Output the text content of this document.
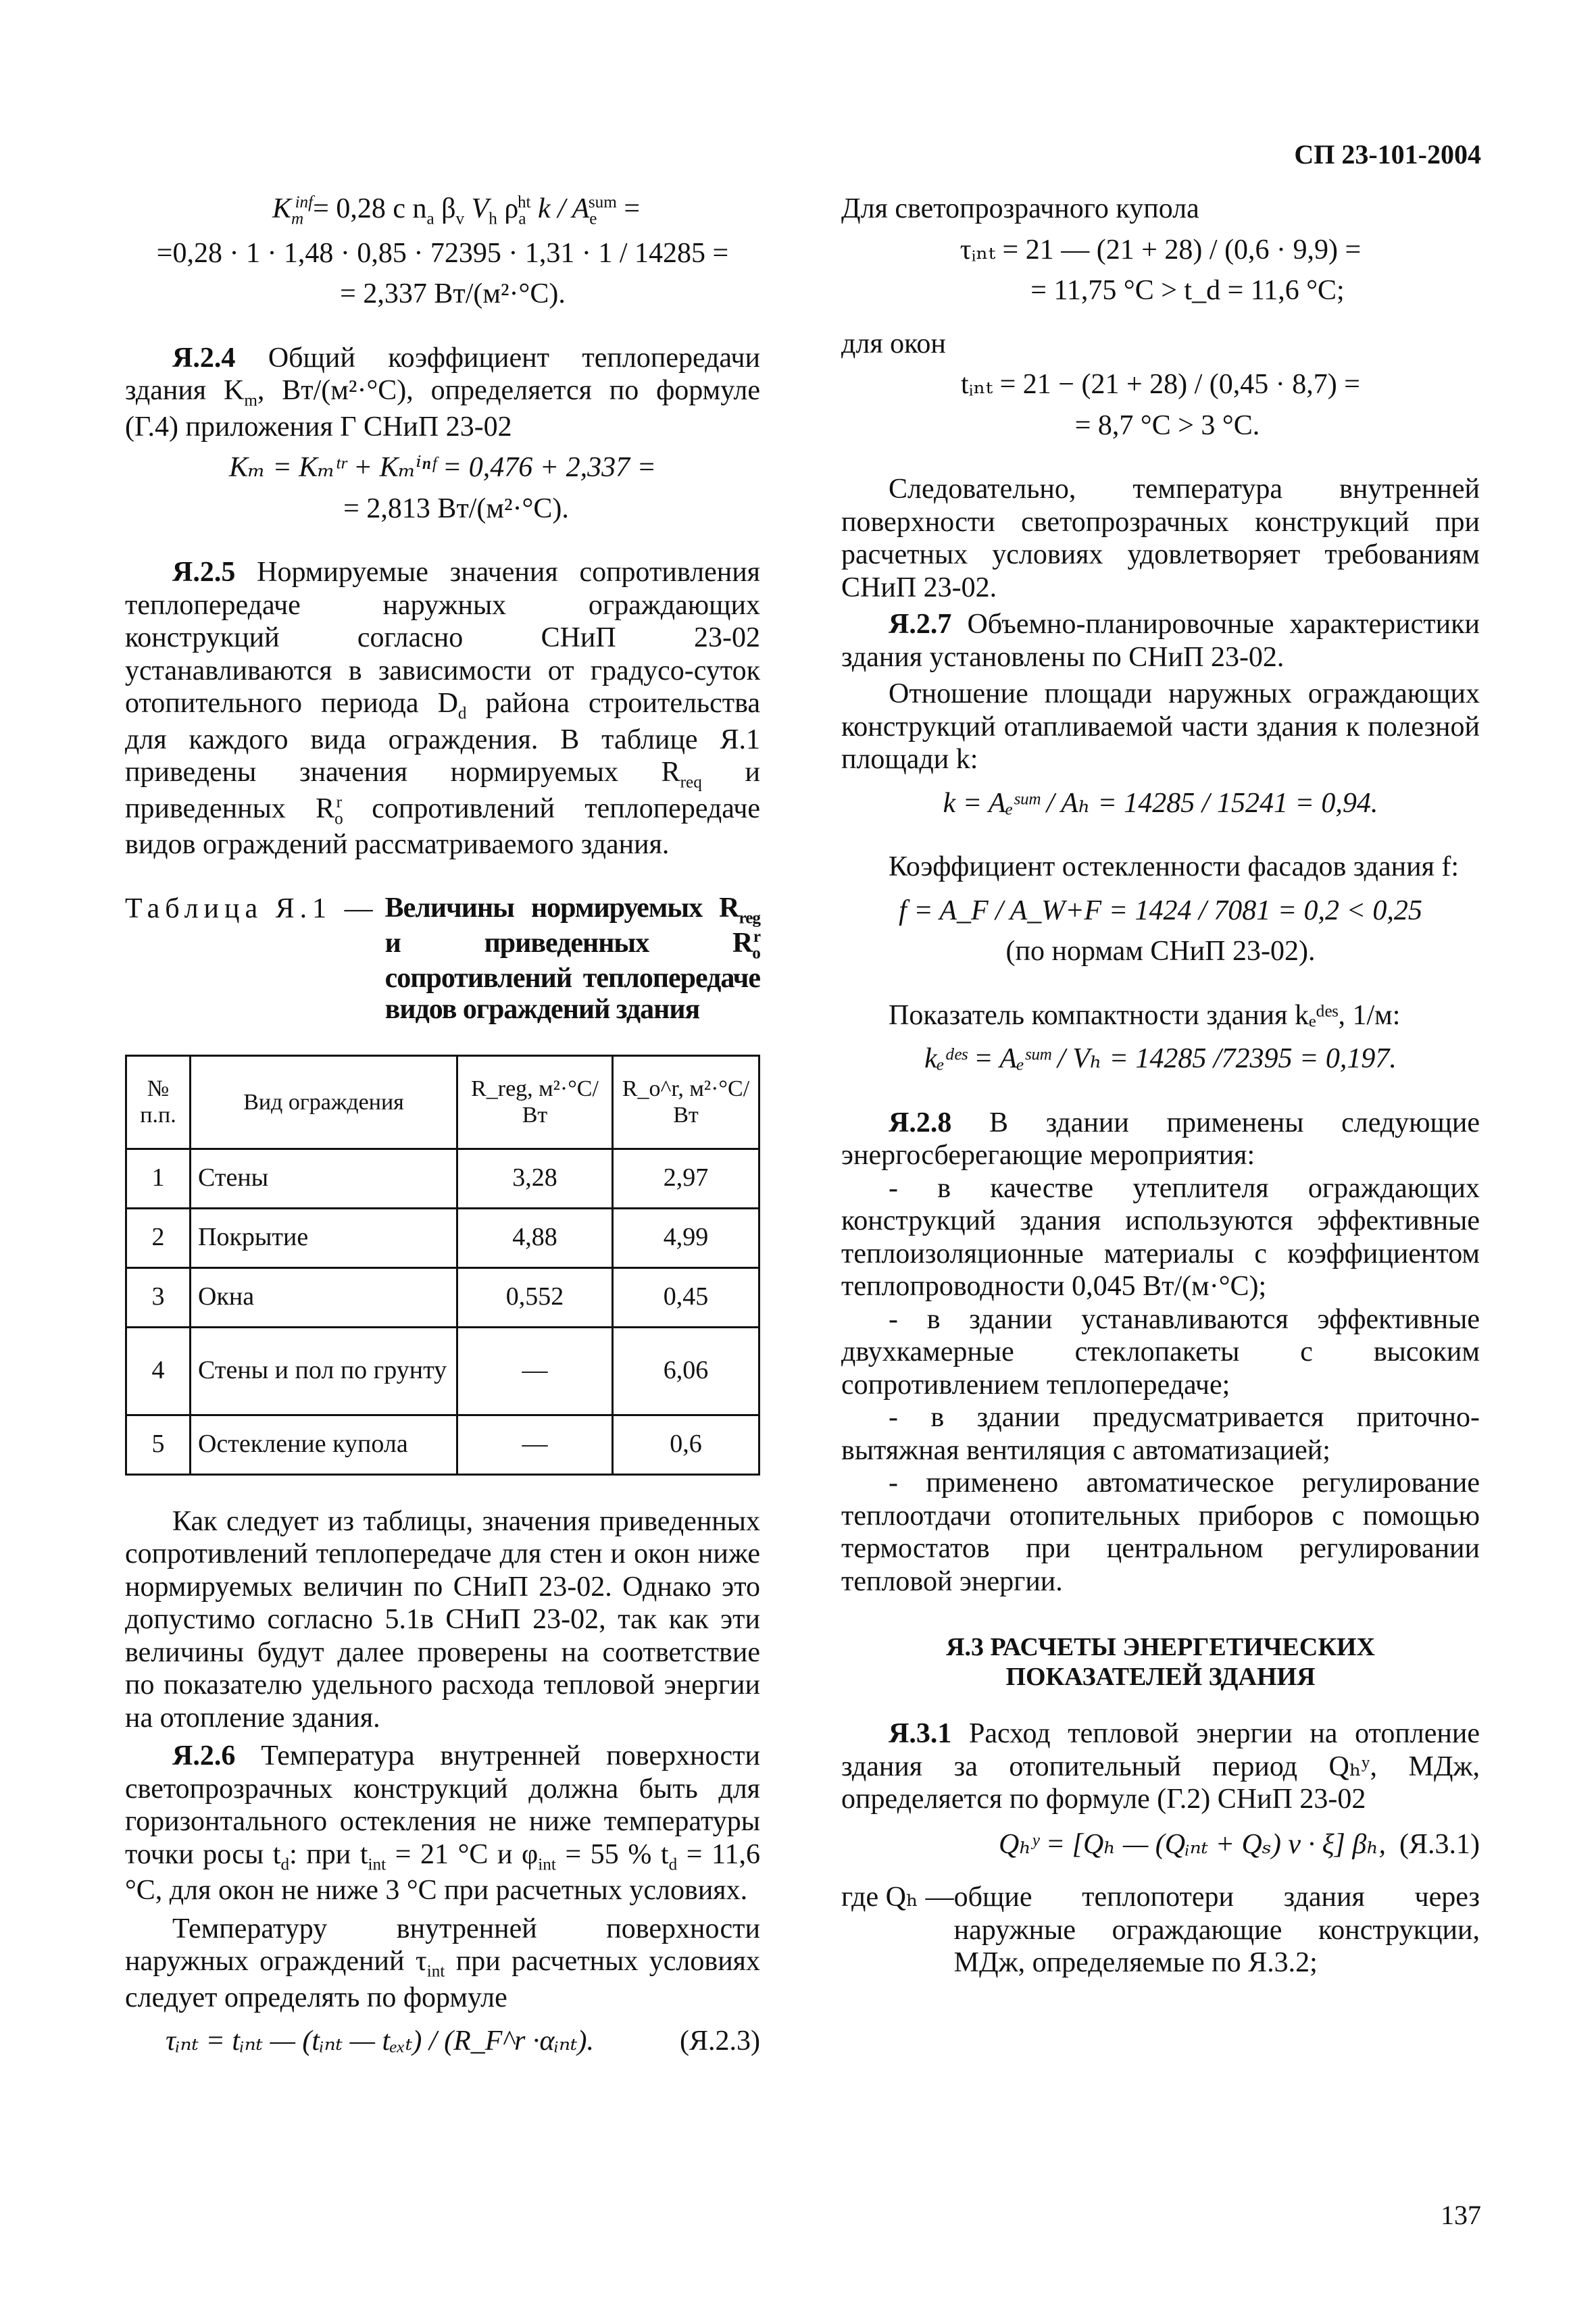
СП 23-101-2004

$K_m^{inf}= 0,28$ c $n_a$ $\beta_v$ $V_h$ $\rho_a^{ht}$ k / $A_e^{sum}$ =

=0,28 · 1 · 1,48 · 0,85 · 72395 · 1,31 · 1 / 14285 =

= 2,337 Вт/(м²·°С).

Я.2.4 Общий коэффициент теплопередачи здания $K_m$, Вт/(м²·°С), определяется по формуле (Г.4) приложения Г СНиП 23-02

Kₘ = Kₘᵗʳ + Kₘⁱⁿᶠ = 0,476 + 2,337 =

= 2,813 Вт/(м²·°С).

Я.2.5 Нормируемые значения сопротивления теплопередаче наружных ограждающих конструкций согласно СНиП 23-02 устанавливаются в зависимости от градусо-суток отопительного периода $D_d$ района строительства для каждого вида ограждения. В таблице Я.1 приведены значения нормируемых $R_{req}$ и приведенных $R_o^r$ сопротивлений теплопередаче видов ограждений рассматриваемого здания.

Таблица Я.1 — Величины нормируемых $R_{reg}$ и приведенных $R_o^r$ сопротивлений теплопередаче видов ограждений здания
№ п.п.	Вид ограждения	R_reg, м²·°С/Вт	R_o^r, м²·°С/Вт
1	Стены	3,28	2,97
2	Покрытие	4,88	4,99
3	Окна	0,552	0,45
4	Стены и пол по грунту	—	6,06
5	Остекление купола	—	0,6

Как следует из таблицы, значения приведенных сопротивлений теплопередаче для стен и окон ниже нормируемых величин по СНиП 23-02. Однако это допустимо согласно 5.1в СНиП 23-02, так как эти величины будут далее проверены на соответствие по показателю удельного расхода тепловой энергии на отопление здания.

Я.2.6 Температура внутренней поверхности светопрозрачных конструкций должна быть для горизонтального остекления не ниже температуры точки росы $t_d$: при $t_{int} = 21$ °С и $\varphi_{int} = 55$ % $t_d = 11,6$ °С, для окон не ниже 3 °С при расчетных условиях.

Температуру внутренней поверхности наружных ограждений $\tau_{int}$ при расчетных условиях следует определять по формуле

τᵢₙₜ = tᵢₙₜ — (tᵢₙₜ — tₑₓₜ) / (R_F^r ·αᵢₙₜ).	(Я.2.3)

Для светопрозрачного купола

τᵢₙₜ = 21 — (21 + 28) / (0,6 · 9,9) =

= 11,75 °С > t_d = 11,6 °С;

для окон

tᵢₙₜ = 21 − (21 + 28) / (0,45 · 8,7) =

= 8,7 °С > 3 °С.

Следовательно, температура внутренней поверхности светопрозрачных конструкций при расчетных условиях удовлетворяет требованиям СНиП 23-02.

Я.2.7 Объемно-планировочные характеристики здания установлены по СНиП 23-02.

Отношение площади наружных ограждающих конструкций отапливаемой части здания к полезной площади k:

k = Aₑˢᵘᵐ / Aₕ = 14285 / 15241 = 0,94.

Коэффициент остекленности фасадов здания f:

f = A_F / A_W+F = 1424 / 7081 = 0,2 < 0,25

(по нормам СНиП 23-02).

Показатель компактности здания kₑᵈᵉˢ, 1/м:

kₑᵈᵉˢ = Aₑˢᵘᵐ / Vₕ = 14285 /72395 = 0,197.

Я.2.8 В здании применены следующие энергосберегающие мероприятия:

- в качестве утеплителя ограждающих конструкций здания используются эффективные теплоизоляционные материалы с коэффициентом теплопроводности 0,045 Вт/(м·°С);

- в здании устанавливаются эффективные двухкамерные стеклопакеты с высоким сопротивлением теплопередаче;

- в здании предусматривается приточно-вытяжная вентиляция с автоматизацией;

- применено автоматическое регулирование теплоотдачи отопительных приборов с помощью термостатов при центральном регулировании тепловой энергии.

Я.3 РАСЧЕТЫ ЭНЕРГЕТИЧЕСКИХ
ПОКАЗАТЕЛЕЙ ЗДАНИЯ

Я.3.1 Расход тепловой энергии на отопление здания за отопительный период Qₕʸ, МДж, определяется по формуле (Г.2) СНиП 23-02

Qₕʸ = [Qₕ — (Qᵢₙₜ + Qₛ) ν · ξ] βₕ, (Я.3.1)
где Qₕ — общие теплопотери здания через наружные ограждающие конструкции, МДж, определяемые по Я.3.2;
137
